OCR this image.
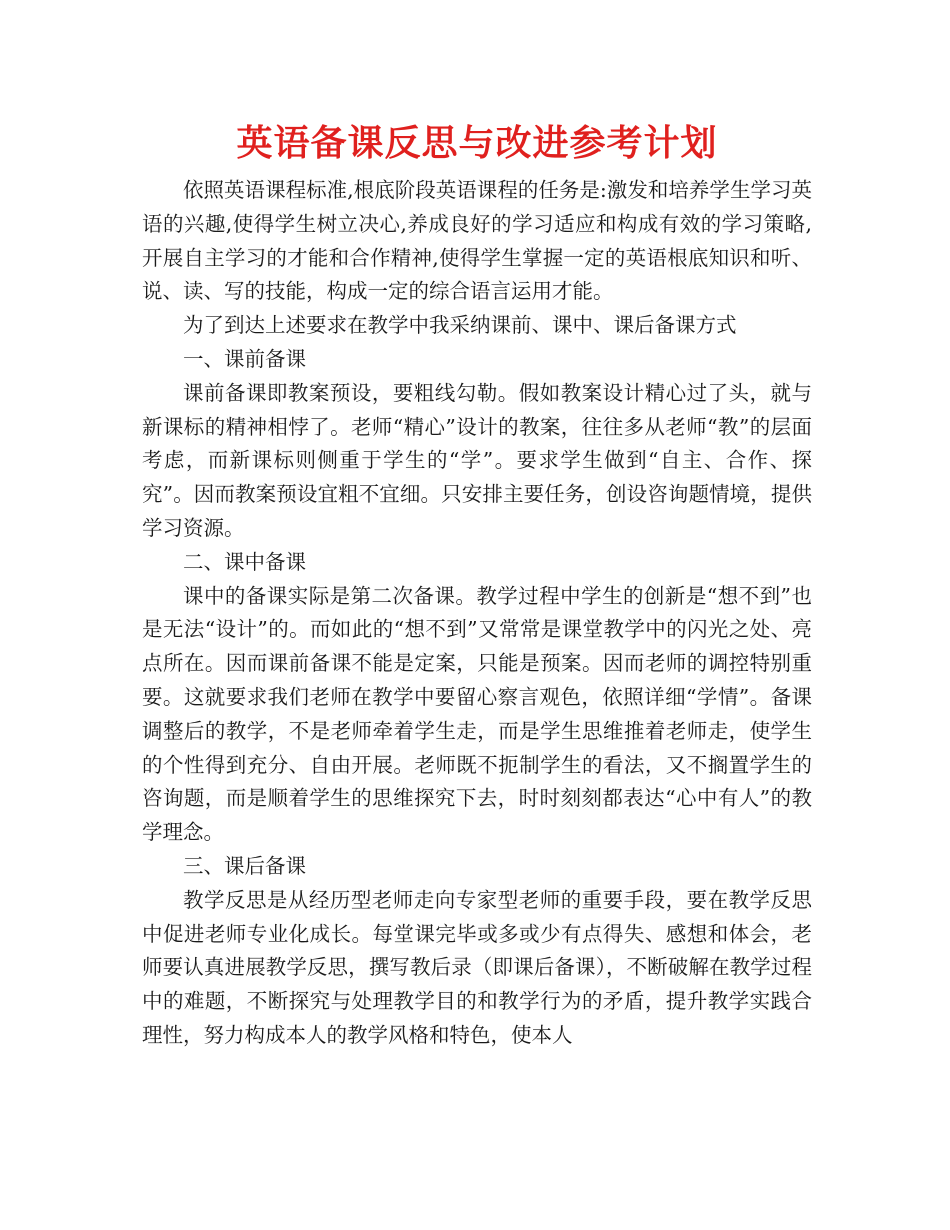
英语备课反思与改进参考计划

依照英语课程标准,根底阶段英语课程的任务是:激发和培养学生学习英语的兴趣,使得学生树立决心,养成良好的学习适应和构成有效的学习策略,开展自主学习的才能和合作精神,使得学生掌握一定的英语根底知识和听、说、读、写的技能，构成一定的综合语言运用才能。

为了到达上述要求在教学中我采纳课前、课中、课后备课方式

一、课前备课

课前备课即教案预设，要粗线勾勒。假如教案设计精心过了头，就与新课标的精神相悖了。老师“精心”设计的教案，往往多从老师“教”的层面考虑，而新课标则侧重于学生的“学”。要求学生做到“自主、合作、探究”。因而教案预设宜粗不宜细。只安排主要任务，创设咨询题情境，提供学习资源。

二、课中备课

课中的备课实际是第二次备课。教学过程中学生的创新是“想不到”也是无法“设计”的。而如此的“想不到”又常常是课堂教学中的闪光之处、亮点所在。因而课前备课不能是定案，只能是预案。因而老师的调控特别重要。这就要求我们老师在教学中要留心察言观色，依照详细“学情”。备课调整后的教学，不是老师牵着学生走，而是学生思维推着老师走，使学生的个性得到充分、自由开展。老师既不扼制学生的看法，又不搁置学生的咨询题，而是顺着学生的思维探究下去，时时刻刻都表达“心中有人”的教学理念。

三、课后备课

教学反思是从经历型老师走向专家型老师的重要手段，要在教学反思中促进老师专业化成长。每堂课完毕或多或少有点得失、感想和体会，老师要认真进展教学反思，撰写教后录（即课后备课），不断破解在教学过程中的难题，不断探究与处理教学目的和教学行为的矛盾，提升教学实践合理性，努力构成本人的教学风格和特色，使本人
